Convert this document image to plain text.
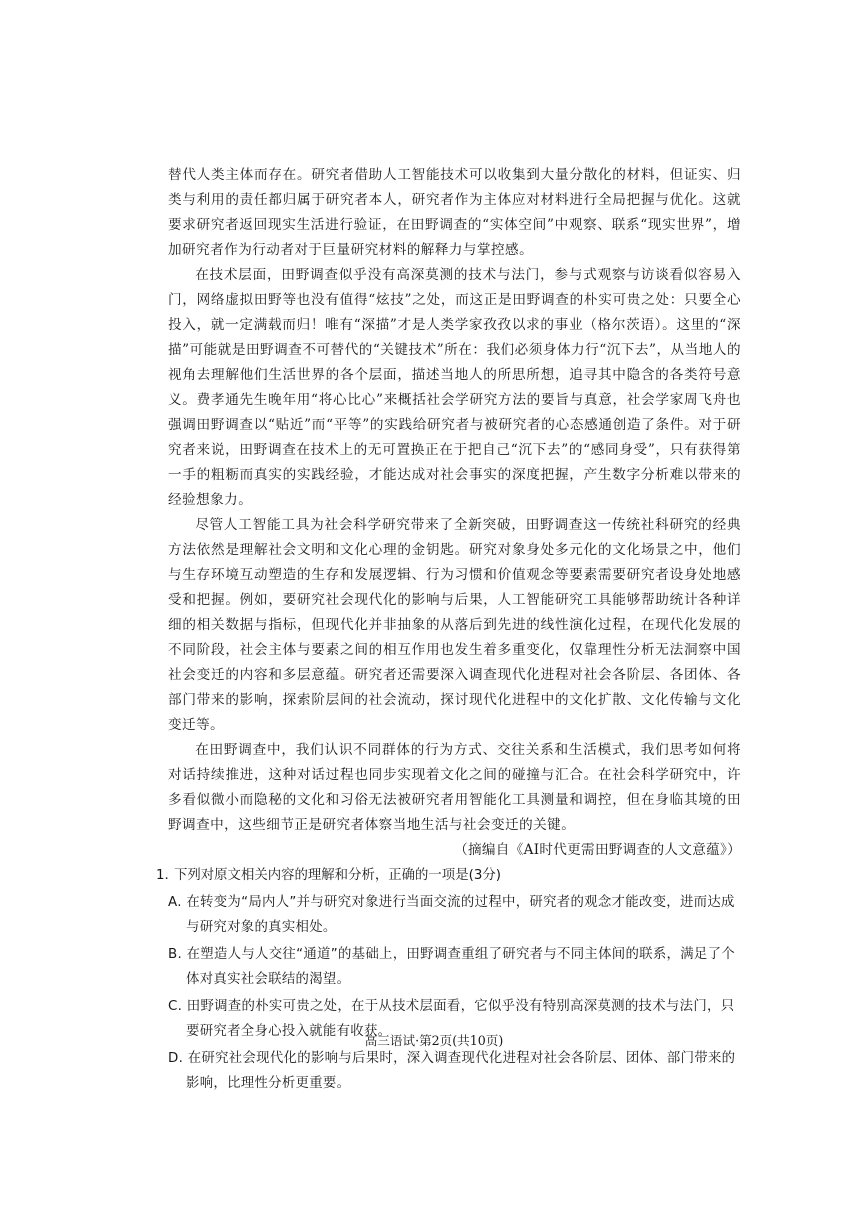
替代人类主体而存在。研究者借助人工智能技术可以收集到大量分散化的材料，但证实、归类与利用的责任都归属于研究者本人，研究者作为主体应对材料进行全局把握与优化。这就要求研究者返回现实生活进行验证，在田野调查的“实体空间”中观察、联系“现实世界”，增加研究者作为行动者对于巨量研究材料的解释力与掌控感。

在技术层面，田野调查似乎没有高深莫测的技术与法门，参与式观察与访谈看似容易入门，网络虚拟田野等也没有值得“炫技”之处，而这正是田野调查的朴实可贵之处：只要全心投入，就一定满载而归！唯有“深描”才是人类学家孜孜以求的事业（格尔茨语）。这里的“深描”可能就是田野调查不可替代的“关键技术”所在：我们必须身体力行“沉下去”，从当地人的视角去理解他们生活世界的各个层面，描述当地人的所思所想，追寻其中隐含的各类符号意义。费孝通先生晚年用“将心比心”来概括社会学研究方法的要旨与真意，社会学家周飞舟也强调田野调查以“贴近”而“平等”的实践给研究者与被研究者的心态感通创造了条件。对于研究者来说，田野调查在技术上的无可置换正在于把自己“沉下去”的“感同身受”，只有获得第一手的粗粝而真实的实践经验，才能达成对社会事实的深度把握，产生数字分析难以带来的经验想象力。

尽管人工智能工具为社会科学研究带来了全新突破，田野调查这一传统社科研究的经典方法依然是理解社会文明和文化心理的金钥匙。研究对象身处多元化的文化场景之中，他们与生存环境互动塑造的生存和发展逻辑、行为习惯和价值观念等要素需要研究者设身处地感受和把握。例如，要研究社会现代化的影响与后果，人工智能研究工具能够帮助统计各种详细的相关数据与指标，但现代化并非抽象的从落后到先进的线性演化过程，在现代化发展的不同阶段，社会主体与要素之间的相互作用也发生着多重变化，仅靠理性分析无法洞察中国社会变迁的内容和多层意蕴。研究者还需要深入调查现代化进程对社会各阶层、各团体、各部门带来的影响，探索阶层间的社会流动，探讨现代化进程中的文化扩散、文化传输与文化变迁等。

在田野调查中，我们认识不同群体的行为方式、交往关系和生活模式，我们思考如何将对话持续推进，这种对话过程也同步实现着文化之间的碰撞与汇合。在社会科学研究中，许多看似微小而隐秘的文化和习俗无法被研究者用智能化工具测量和调控，但在身临其境的田野调查中，这些细节正是研究者体察当地生活与社会变迁的关键。

（摘编自《AI时代更需田野调查的人文意蕴》）

1. 下列对原文相关内容的理解和分析，正确的一项是(3分)

A. 在转变为“局内人”并与研究对象进行当面交流的过程中，研究者的观念才能改变，进而达成与研究对象的真实相处。
B. 在塑造人与人交往“通道”的基础上，田野调查重组了研究者与不同主体间的联系，满足了个体对真实社会联结的渴望。
C. 田野调查的朴实可贵之处，在于从技术层面看，它似乎没有特别高深莫测的技术与法门，只要研究者全身心投入就能有收获。
D. 在研究社会现代化的影响与后果时，深入调查现代化进程对社会各阶层、团体、部门带来的影响，比理性分析更重要。
高三语试·第2页(共10页)
